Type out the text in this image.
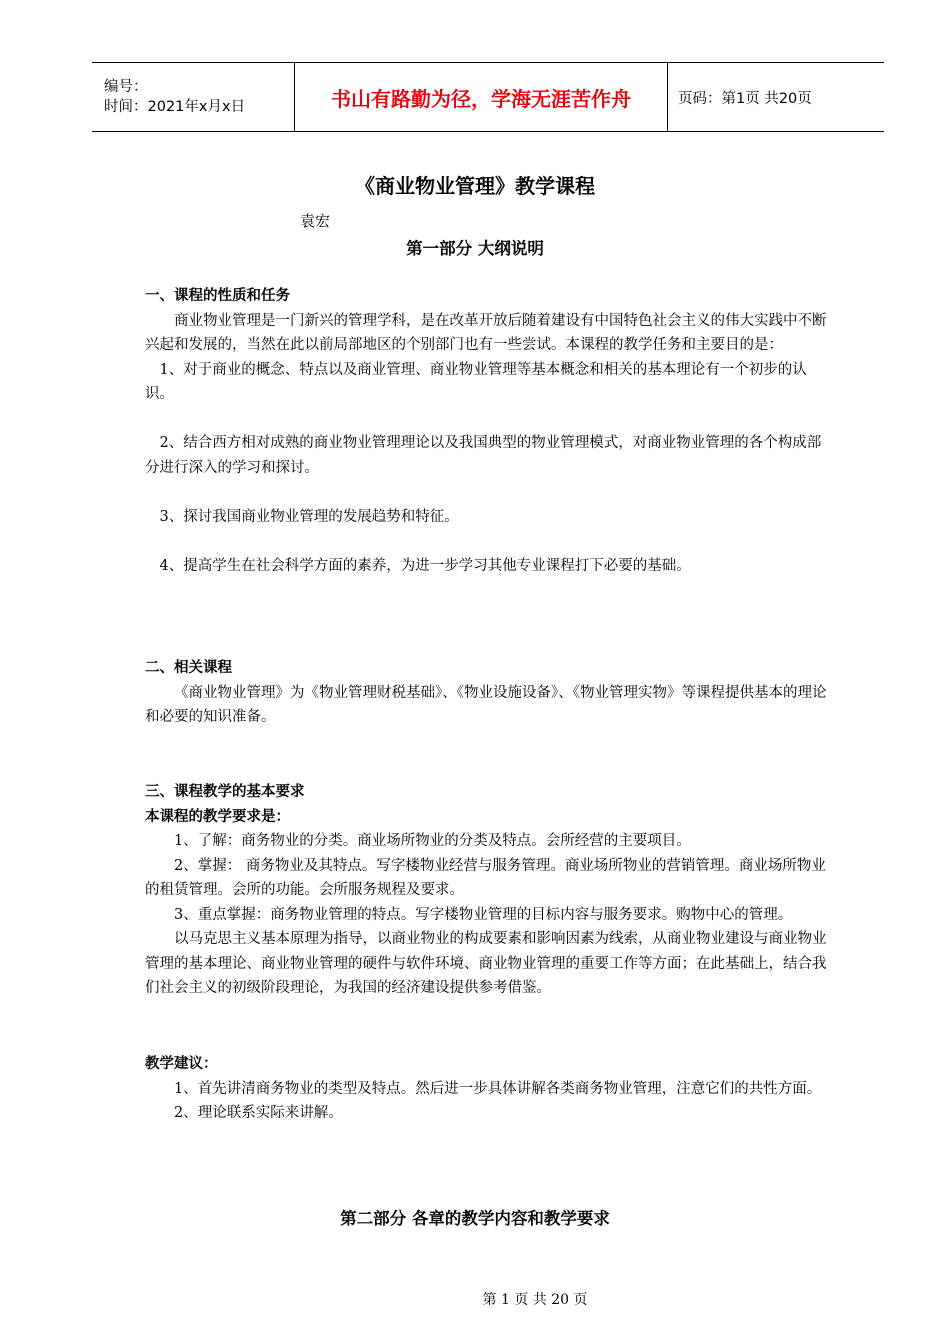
编号：
时间：2021年x月x日	书山有路勤为径，学海无涯苦作舟	页码：第1页 共20页
《商业物业管理》教学课程
袁宏
第一部分 大纲说明

一、课程的性质和任务

商业物业管理是一门新兴的管理学科，是在改革开放后随着建设有中国特色社会主义的伟大实践中不断兴起和发展的，当然在此以前局部地区的个别部门也有一些尝试。本课程的教学任务和主要目的是：

1、对于商业的概念、特点以及商业管理、商业物业管理等基本概念和相关的基本理论有一个初步的认识。

2、结合西方相对成熟的商业物业管理理论以及我国典型的物业管理模式，对商业物业管理的各个构成部分进行深入的学习和探讨。

3、探讨我国商业物业管理的发展趋势和特征。

4、提高学生在社会科学方面的素养，为进一步学习其他专业课程打下必要的基础。

二、相关课程

《商业物业管理》为《物业管理财税基础》、《物业设施设备》、《物业管理实物》等课程提供基本的理论和必要的知识准备。

三、课程教学的基本要求

本课程的教学要求是：

1、了解：商务物业的分类。商业场所物业的分类及特点。会所经营的主要项目。

2、掌握： 商务物业及其特点。写字楼物业经营与服务管理。商业场所物业的营销管理。商业场所物业的租赁管理。会所的功能。会所服务规程及要求。

3、重点掌握：商务物业管理的特点。写字楼物业管理的目标内容与服务要求。购物中心的管理。

以马克思主义基本原理为指导，以商业物业的构成要素和影响因素为线索，从商业物业建设与商业物业管理的基本理论、商业物业管理的硬件与软件环境、商业物业管理的重要工作等方面；在此基础上，结合我们社会主义的初级阶段理论，为我国的经济建设提供参考借鉴。

教学建议：

1、首先讲清商务物业的类型及特点。然后进一步具体讲解各类商务物业管理，注意它们的共性方面。

2、理论联系实际来讲解。

第二部分 各章的教学内容和教学要求
第 1 页 共 20 页
